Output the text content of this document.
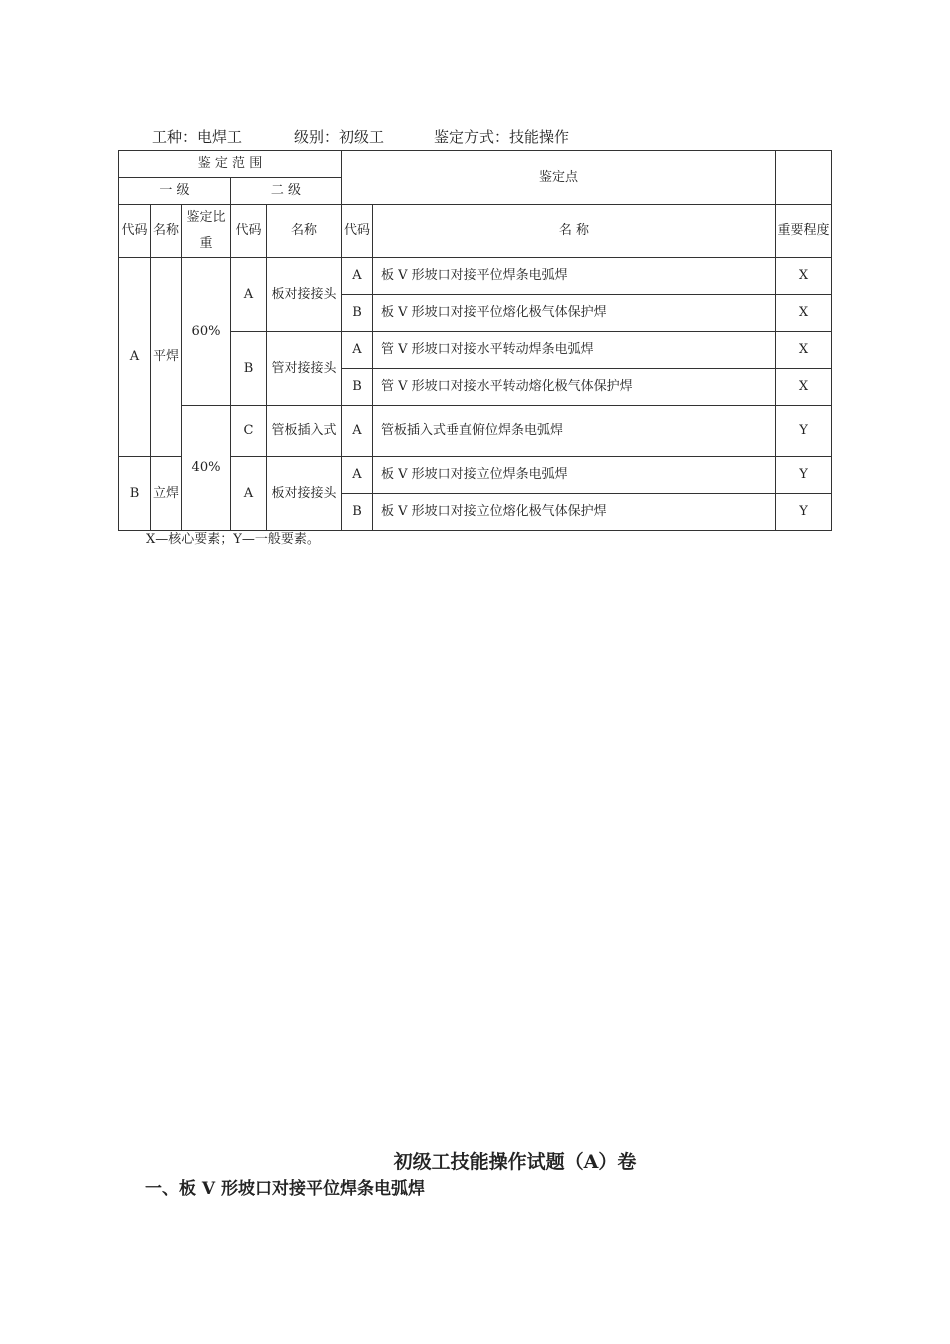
工种：电焊工	级别：初级工	鉴定方式：技能操作
鉴 定 范 围					鉴定点		
一 级			二 级				
代码	名称	鉴定比重	代码	名称	代码	名 称	重要程度
A	平焊	60%	A	板对接接头	A	板 V 形坡口对接平位焊条电弧焊	X
					B	板 V 形坡口对接平位熔化极气体保护焊	X
			B	管对接接头	A	管 V 形坡口对接水平转动焊条电弧焊	X
					B	管 V 形坡口对接水平转动熔化极气体保护焊	X
		40%	C	管板插入式	A	管板插入式垂直俯位焊条电弧焊	Y
B	立焊		A	板对接接头	A	板 V 形坡口对接立位焊条电弧焊	Y
					B	板 V 形坡口对接立位熔化极气体保护焊	Y
X—核心要素；Y—一般要素。
初级工技能操作试题（A）卷
一、板 V 形坡口对接平位焊条电弧焊
